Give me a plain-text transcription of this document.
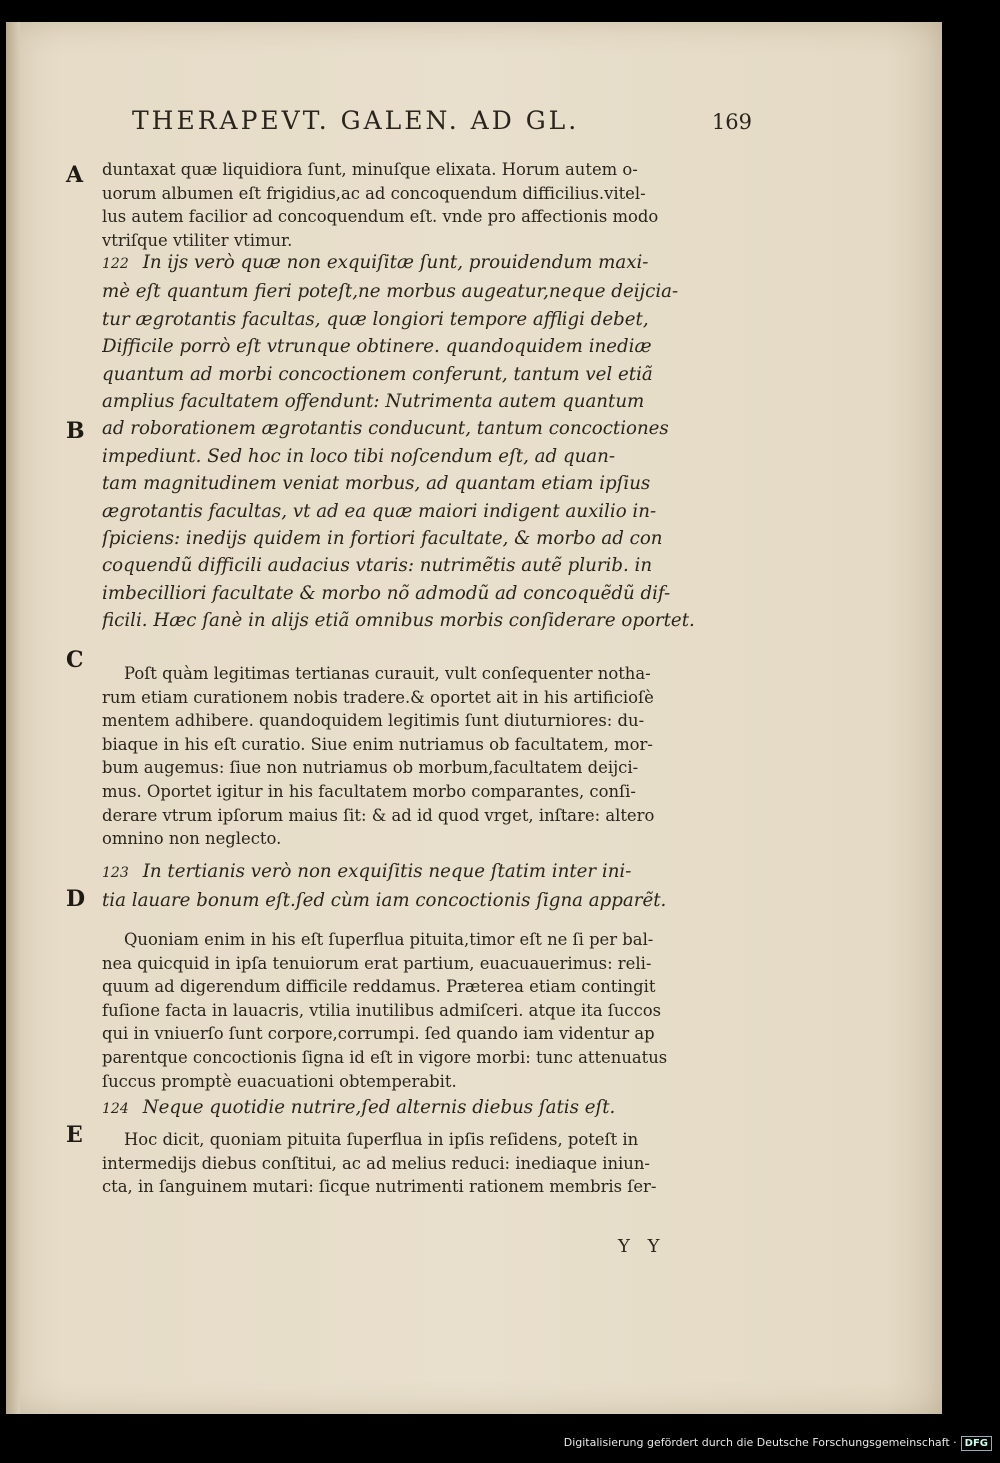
THERAPEVT. GALEN. AD GL.	169
A
B
C
D
E
duntaxat quæ liquidiora ſunt, minuſque elixata. Horum autem o-
uorum albumen eſt frigidius,ac ad concoquendum difficilius.vitel-
lus autem facilior ad concoquendum eſt. vnde pro affectionis modo
vtriſque vtiliter vtimur.
122 In ijs verò quæ non exquiſitæ ſunt, prouidendum maxi-
mè eſt quantum fieri poteſt,ne morbus augeatur,neque deijcia-
tur ægrotantis facultas, quæ longiori tempore affligi debet,
Difficile porrò eſt vtrunque obtinere. quandoquidem inediæ
quantum ad morbi concoctionem conferunt, tantum vel etiã
amplius facultatem offendunt: Nutrimenta autem quantum
ad roborationem ægrotantis conducunt, tantum concoctiones
impediunt. Sed hoc in loco tibi noſcendum eſt, ad quan-
tam magnitudinem veniat morbus, ad quantam etiam ipſius
ægrotantis facultas, vt ad ea quæ maiori indigent auxilio in-
ſpiciens: inedijs quidem in fortiori facultate, & morbo ad con
coquendũ difficili audacius vtaris: nutrimẽtis autẽ plurib. in
imbecilliori facultate & morbo nõ admodũ ad concoquẽdũ dif-
ficili. Hæc ſanè in alijs etiã omnibus morbis conſiderare oportet.
Poſt quàm legitimas tertianas curauit, vult conſequenter notha-
rum etiam curationem nobis tradere.& oportet ait in his artificioſè
mentem adhibere. quandoquidem legitimis ſunt diuturniores: du-
biaque in his eſt curatio. Siue enim nutriamus ob facultatem, mor-
bum augemus: ſiue non nutriamus ob morbum,facultatem deijci-
mus. Oportet igitur in his facultatem morbo comparantes, conſi-
derare vtrum ipſorum maius ſit: & ad id quod vrget, inſtare: altero
omnino non neglecto.
123 In tertianis verò non exquiſitis neque ſtatim inter ini-
tia lauare bonum eſt.ſed cùm iam concoctionis ſigna apparẽt.
Quoniam enim in his eſt ſuperflua pituita,timor eſt ne ſi per bal-
nea quicquid in ipſa tenuiorum erat partium, euacuauerimus: reli-
quum ad digerendum difficile reddamus. Præterea etiam contingit
fuſione facta in lauacris, vtilia inutilibus admiſceri. atque ita ſuccos
qui in vniuerſo ſunt corpore,corrumpi. ſed quando iam videntur ap
parentque concoctionis ſigna id eſt in vigore morbi: tunc attenuatus
ſuccus promptè euacuationi obtemperabit.
124 Neque quotidie nutrire,ſed alternis diebus ſatis eſt.
Hoc dicit, quoniam pituita ſuperflua in ipſis reſidens, poteſt in
intermedijs diebus conſtitui, ac ad melius reduci: inediaque iniun-
cta, in ſanguinem mutari: ſicque nutrimenti rationem membris ſer-
Y Y
Digitalisierung gefördert durch die Deutsche Forschungsgemeinschaft · DFG
